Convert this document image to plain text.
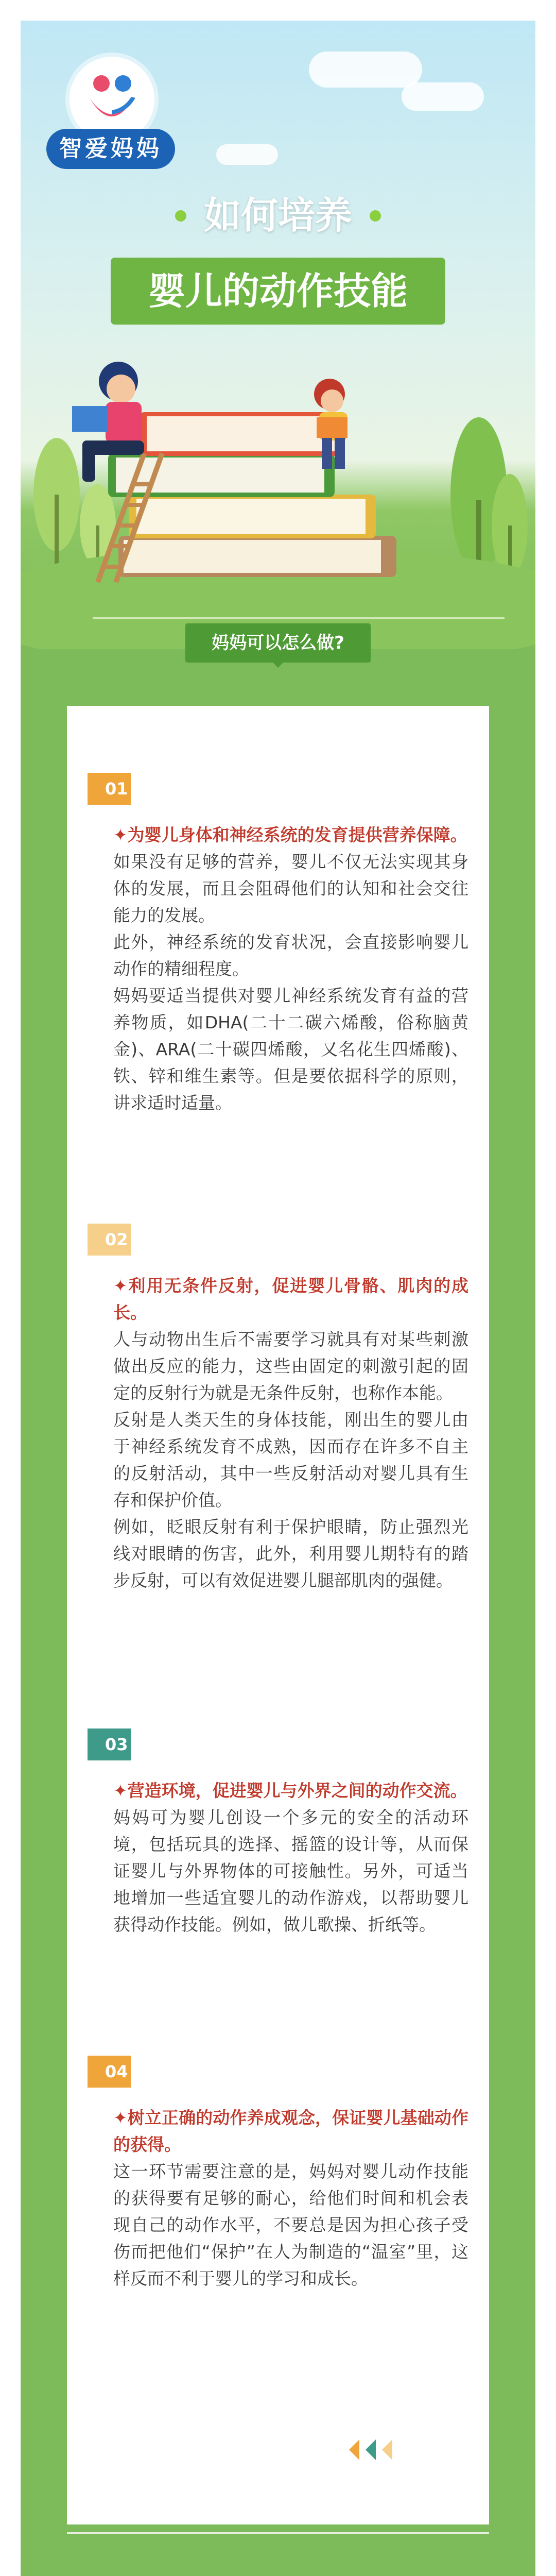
智爱妈妈
如何培养
婴儿的动作技能
妈妈可以怎么做?
01

✦为婴儿身体和神经系统的发育提供营养保障。

如果没有足够的营养，婴儿不仅无法实现其身体的发展，而且会阻碍他们的认知和社会交往能力的发展。

此外，神经系统的发育状况，会直接影响婴儿动作的精细程度。

妈妈要适当提供对婴儿神经系统发育有益的营养物质，如DHA(二十二碳六烯酸，俗称脑黄金)、ARA(二十碳四烯酸，又名花生四烯酸)、铁、锌和维生素等。但是要依据科学的原则，讲求适时适量。

02

✦利用无条件反射，促进婴儿骨骼、肌肉的成长。

人与动物出生后不需要学习就具有对某些刺激做出反应的能力，这些由固定的刺激引起的固定的反射行为就是无条件反射，也称作本能。

反射是人类天生的身体技能，刚出生的婴儿由于神经系统发育不成熟，因而存在许多不自主的反射活动，其中一些反射活动对婴儿具有生存和保护价值。

例如，眨眼反射有利于保护眼睛，防止强烈光线对眼睛的伤害，此外，利用婴儿期特有的踏步反射，可以有效促进婴儿腿部肌肉的强健。

03

✦营造环境，促进婴儿与外界之间的动作交流。

妈妈可为婴儿创设一个多元的安全的活动环境，包括玩具的选择、摇篮的设计等，从而保证婴儿与外界物体的可接触性。另外，可适当地增加一些适宜婴儿的动作游戏，以帮助婴儿获得动作技能。例如，做儿歌操、折纸等。

04

✦树立正确的动作养成观念，保证婴儿基础动作的获得。

这一环节需要注意的是，妈妈对婴儿动作技能的获得要有足够的耐心，给他们时间和机会表现自己的动作水平，不要总是因为担心孩子受伤而把他们“保护”在人为制造的“温室”里，这样反而不利于婴儿的学习和成长。
